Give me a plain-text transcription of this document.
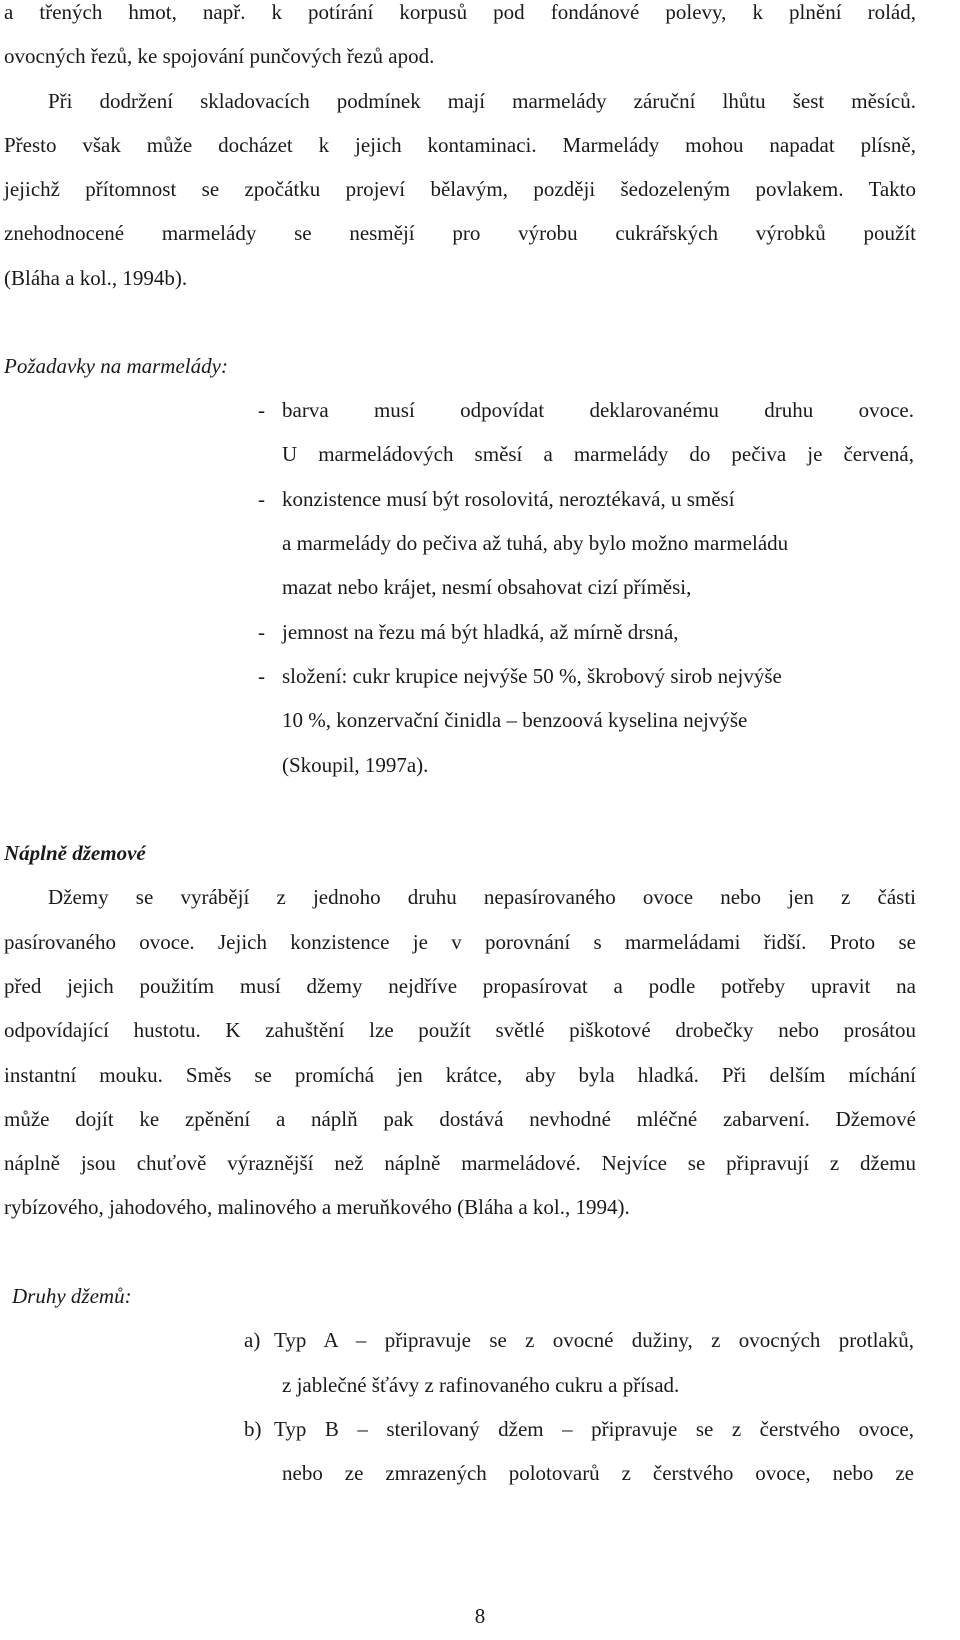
a třených hmot, např. k potírání korpusů pod fondánové polevy, k plnění rolád,
ovocných řezů, ke spojování punčových řezů apod.
Při dodržení skladovacích podmínek mají marmelády záruční lhůtu šest měsíců.
Přesto však může docházet k jejich kontaminaci. Marmelády mohou napadat plísně,
jejichž přítomnost se zpočátku projeví bělavým, později šedozeleným povlakem. Takto
znehodnocené marmelády se nesmějí pro výrobu cukrářských výrobků použít
(Bláha a kol., 1994b).
Požadavky na marmelády:
- barva musí odpovídat deklarovanému druhu ovoce.
U marmeládových směsí a marmelády do pečiva je červená,
- konzistence musí být rosolovitá, neroztékavá, u směsí
a marmelády do pečiva až tuhá, aby bylo možno marmeládu
mazat nebo krájet, nesmí obsahovat cizí příměsi,
- jemnost na řezu má být hladká, až mírně drsná,
- složení: cukr krupice nejvýše 50 %, škrobový sirob nejvýše
10 %, konzervační činidla – benzoová kyselina nejvýše
(Skoupil, 1997a).
Náplně džemové
Džemy se vyrábějí z jednoho druhu nepasírovaného ovoce nebo jen z části
pasírovaného ovoce. Jejich konzistence je v porovnání s marmeládami řidší. Proto se
před jejich použitím musí džemy nejdříve propasírovat a podle potřeby upravit na
odpovídající hustotu. K zahuštění lze použít světlé piškotové drobečky nebo prosátou
instantní mouku. Směs se promíchá jen krátce, aby byla hladká. Při delším míchání
může dojít ke zpěnění a náplň pak dostává nevhodné mléčné zabarvení. Džemové
náplně jsou chuťově výraznější než náplně marmeládové. Nejvíce se připravují z džemu
rybízového, jahodového, malinového a meruňkového (Bláha a kol., 1994).
Druhy džemů:
a) Typ A – připravuje se z ovocné dužiny, z ovocných protlaků,
z jablečné šťávy z rafinovaného cukru a přísad.
b) Typ B – sterilovaný džem – připravuje se z čerstvého ovoce,
nebo ze zmrazených polotovarů z čerstvého ovoce, nebo ze
8
